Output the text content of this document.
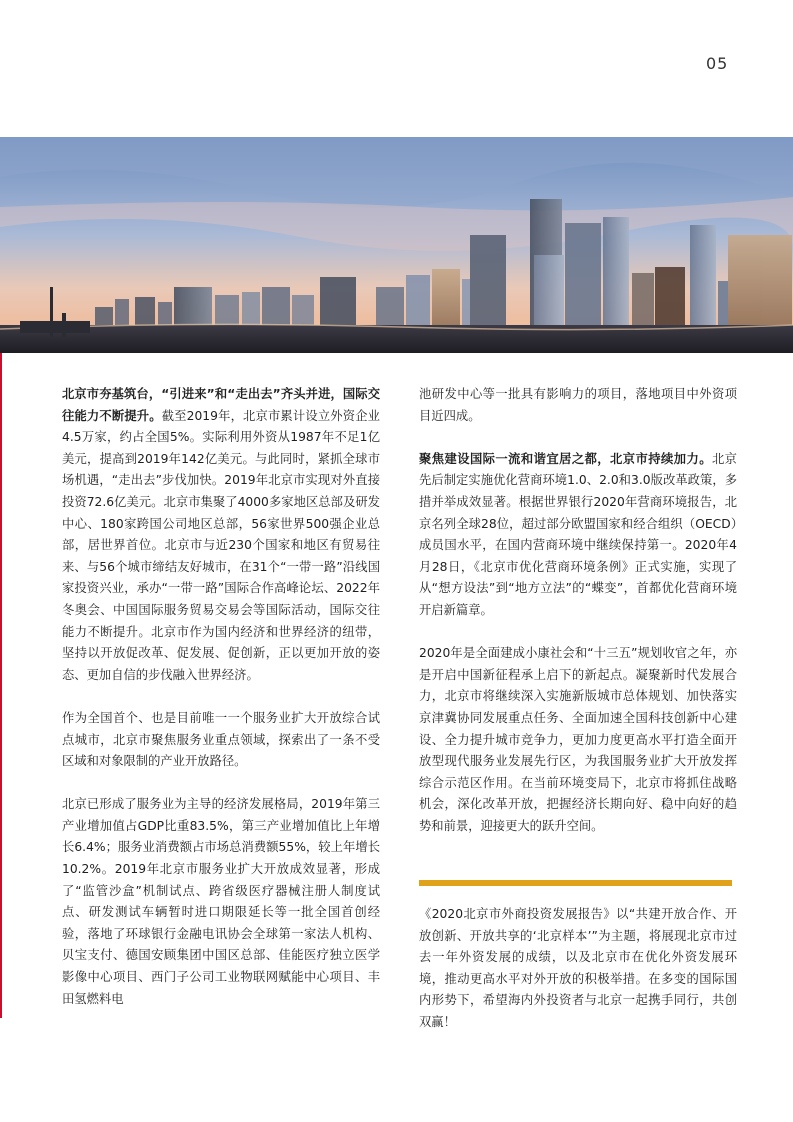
05

北京市夯基筑台，“引进来”和“走出去”齐头并进，国际交往能力不断提升。截至2019年，北京市累计设立外资企业4.5万家，约占全国5%。实际利用外资从1987年不足1亿美元，提高到2019年142亿美元。与此同时，紧抓全球市场机遇，“走出去”步伐加快。2019年北京市实现对外直接投资72.6亿美元。北京市集聚了4000多家地区总部及研发中心、180家跨国公司地区总部，56家世界500强企业总部，居世界首位。北京市与近230个国家和地区有贸易往来、与56个城市缔结友好城市，在31个“一带一路”沿线国家投资兴业，承办“一带一路”国际合作高峰论坛、2022年冬奥会、中国国际服务贸易交易会等国际活动，国际交往能力不断提升。北京市作为国内经济和世界经济的纽带，坚持以开放促改革、促发展、促创新，正以更加开放的姿态、更加自信的步伐融入世界经济。

作为全国首个、也是目前唯一一个服务业扩大开放综合试点城市，北京市聚焦服务业重点领域，探索出了一条不受区域和对象限制的产业开放路径。

北京已形成了服务业为主导的经济发展格局，2019年第三产业增加值占GDP比重83.5%，第三产业增加值比上年增长6.4%；服务业消费额占市场总消费额55%，较上年增长10.2%。2019年北京市服务业扩大开放成效显著，形成了“监管沙盒”机制试点、跨省级医疗器械注册人制度试点、研发测试车辆暂时进口期限延长等一批全国首创经验，落地了环球银行金融电讯协会全球第一家法人机构、贝宝支付、德国安顾集团中国区总部、佳能医疗独立医学影像中心项目、西门子公司工业物联网赋能中心项目、丰田氢燃料电

池研发中心等一批具有影响力的项目，落地项目中外资项目近四成。

聚焦建设国际一流和谐宜居之都，北京市持续加力。北京先后制定实施优化营商环境1.0、2.0和3.0版改革政策，多措并举成效显著。根据世界银行2020年营商环境报告，北京名列全球28位，超过部分欧盟国家和经合组织（OECD）成员国水平，在国内营商环境中继续保持第一。2020年4月28日，《北京市优化营商环境条例》正式实施，实现了从“想方设法”到“地方立法”的“蝶变”，首都优化营商环境开启新篇章。

2020年是全面建成小康社会和“十三五”规划收官之年，亦是开启中国新征程承上启下的新起点。凝聚新时代发展合力，北京市将继续深入实施新版城市总体规划、加快落实京津冀协同发展重点任务、全面加速全国科技创新中心建设、全力提升城市竞争力，更加力度更高水平打造全面开放型现代服务业发展先行区，为我国服务业扩大开放发挥综合示范区作用。在当前环境变局下，北京市将抓住战略机会，深化改革开放，把握经济长期向好、稳中向好的趋势和前景，迎接更大的跃升空间。

《2020北京市外商投资发展报告》以“共建开放合作、开放创新、开放共享的‘北京样本’”为主题，将展现北京市过去一年外资发展的成绩，以及北京市在优化外资发展环境，推动更高水平对外开放的积极举措。在多变的国际国内形势下，希望海内外投资者与北京一起携手同行，共创双赢！
